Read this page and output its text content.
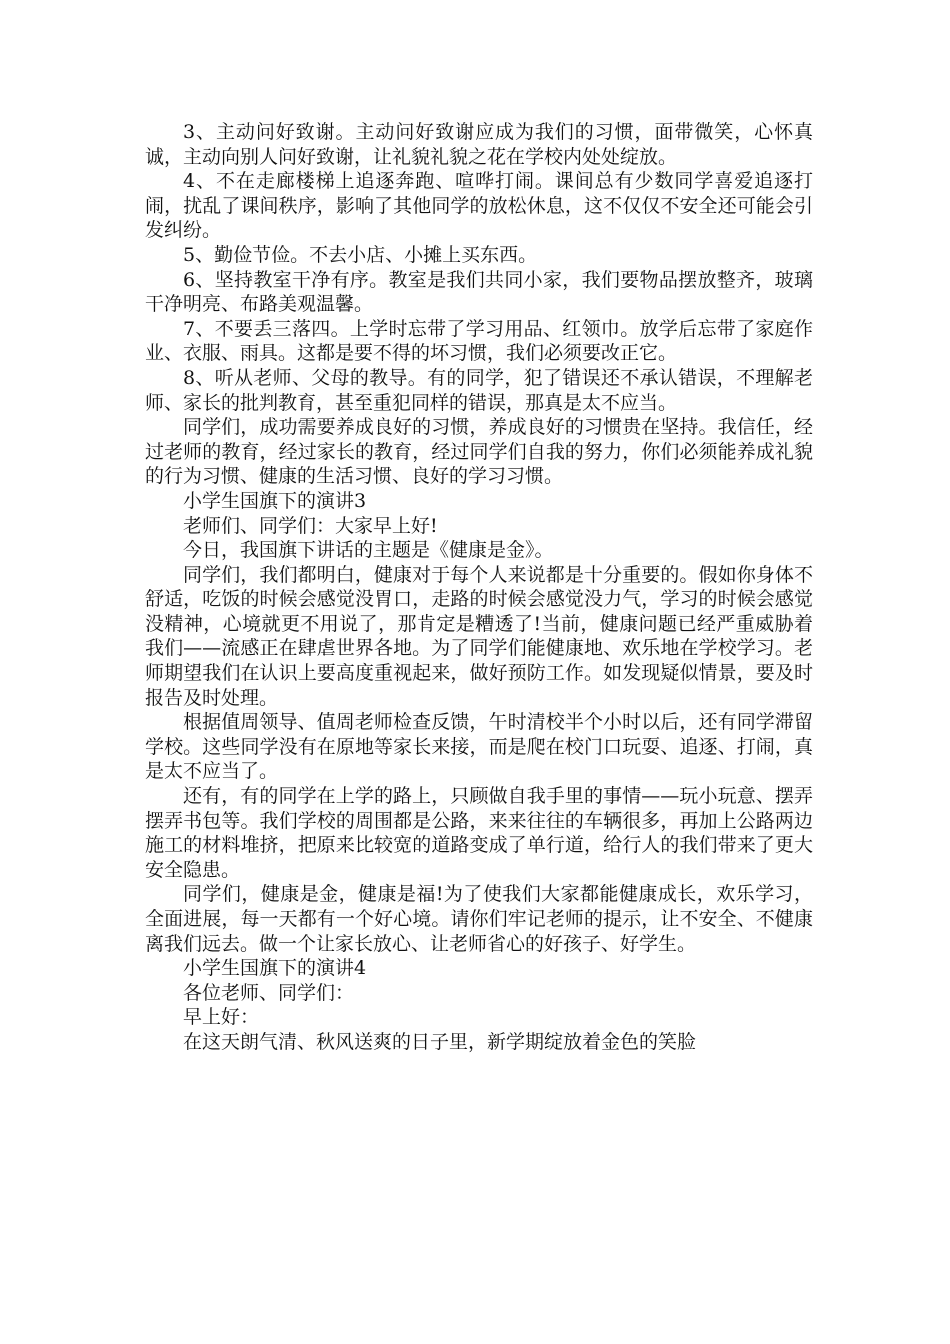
3、主动问好致谢。主动问好致谢应成为我们的习惯，面带微笑，心怀真诚，主动向别人问好致谢，让礼貌礼貌之花在学校内处处绽放。

4、不在走廊楼梯上追逐奔跑、喧哗打闹。课间总有少数同学喜爱追逐打闹，扰乱了课间秩序，影响了其他同学的放松休息，这不仅仅不安全还可能会引发纠纷。

5、勤俭节俭。不去小店、小摊上买东西。

6、坚持教室干净有序。教室是我们共同小家，我们要物品摆放整齐，玻璃干净明亮、布路美观温馨。

7、不要丢三落四。上学时忘带了学习用品、红领巾。放学后忘带了家庭作业、衣服、雨具。这都是要不得的坏习惯，我们必须要改正它。

8、听从老师、父母的教导。有的同学，犯了错误还不承认错误，不理解老师、家长的批判教育，甚至重犯同样的错误，那真是太不应当。

同学们，成功需要养成良好的习惯，养成良好的习惯贵在坚持。我信任，经过老师的教育，经过家长的教育，经过同学们自我的努力，你们必须能养成礼貌的行为习惯、健康的生活习惯、良好的学习习惯。

小学生国旗下的演讲3

老师们、同学们：大家早上好!

今日，我国旗下讲话的主题是《健康是金》。

同学们，我们都明白，健康对于每个人来说都是十分重要的。假如你身体不舒适，吃饭的时候会感觉没胃口，走路的时候会感觉没力气，学习的时候会感觉没精神，心境就更不用说了，那肯定是糟透了!当前，健康问题已经严重威胁着我们——流感正在肆虐世界各地。为了同学们能健康地、欢乐地在学校学习。老师期望我们在认识上要高度重视起来，做好预防工作。如发现疑似情景，要及时报告及时处理。

根据值周领导、值周老师检查反馈，午时清校半个小时以后，还有同学滞留学校。这些同学没有在原地等家长来接，而是爬在校门口玩耍、追逐、打闹，真是太不应当了。

还有，有的同学在上学的路上，只顾做自我手里的事情——玩小玩意、摆弄摆弄书包等。我们学校的周围都是公路，来来往往的车辆很多，再加上公路两边施工的材料堆挤，把原来比较宽的道路变成了单行道，给行人的我们带来了更大安全隐患。

同学们，健康是金，健康是福!为了使我们大家都能健康成长，欢乐学习，全面进展，每一天都有一个好心境。请你们牢记老师的提示，让不安全、不健康离我们远去。做一个让家长放心、让老师省心的好孩子、好学生。

小学生国旗下的演讲4

各位老师、同学们：

早上好：

在这天朗气清、秋风送爽的日子里，新学期绽放着金色的笑脸
